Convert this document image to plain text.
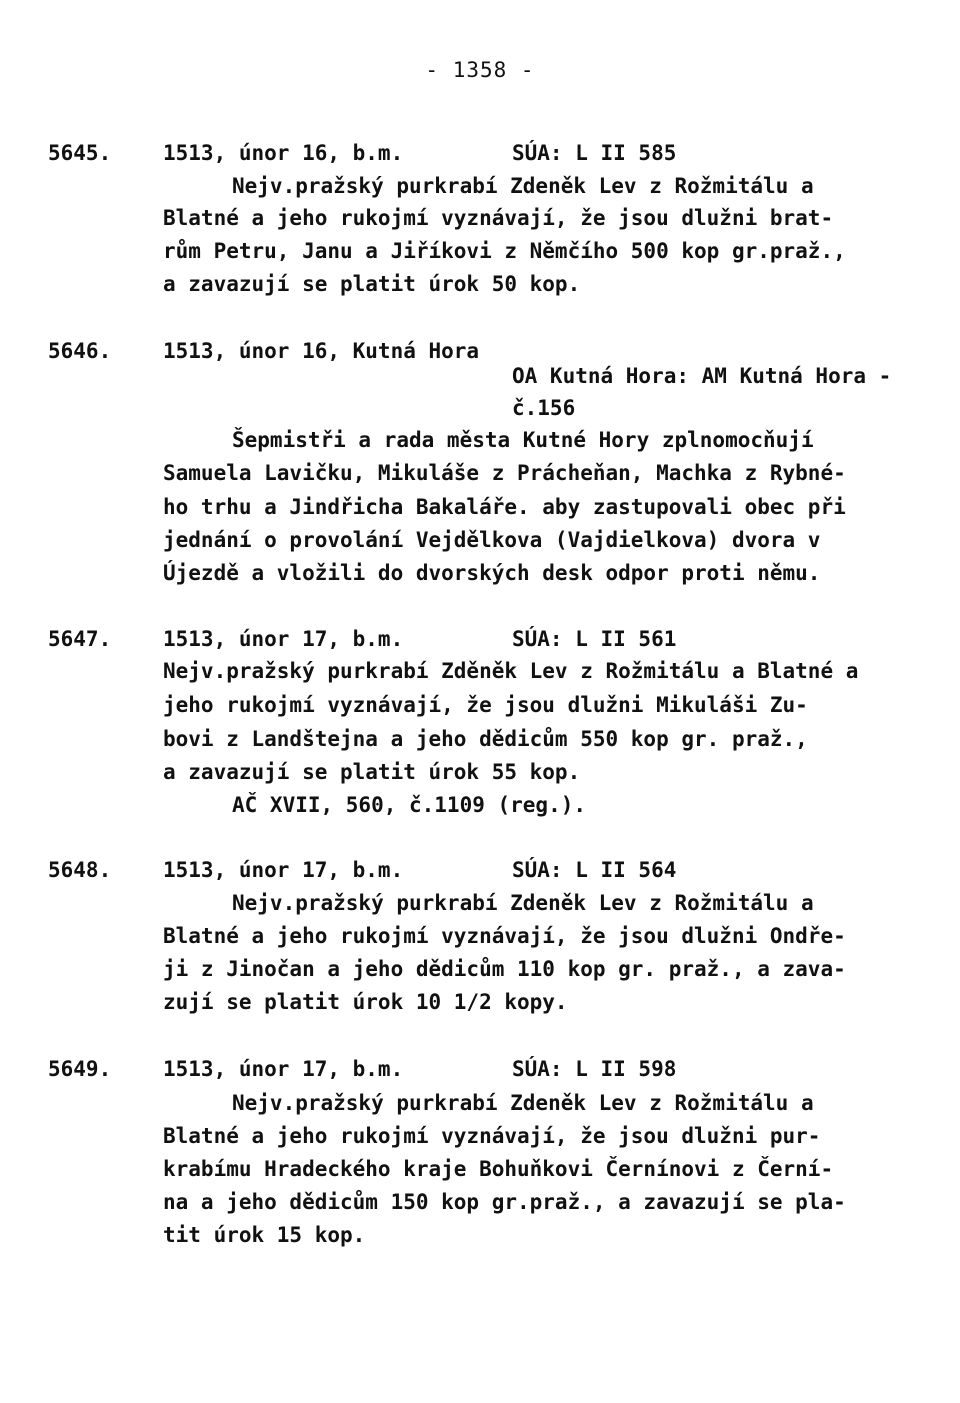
- 1358 -
5645. 1513, únor 16, b.m.	SÚA: L II 585
Nejv.pražský purkrabí Zdeněk Lev z Rožmitálu a
Blatné a jeho rukojmí vyznávají, že jsou dlužni brat-
rům Petru, Janu a Jiříkovi z Němčího 500 kop gr.praž.,
a zavazují se platit úrok 50 kop.
5646. 1513, únor 16, Kutná Hora
OA Kutná Hora: AM Kutná Hora -
č.156
Šepmistři a rada města Kutné Hory zplnomocňují
Samuela Lavičku, Mikuláše z Prácheňan, Machka z Rybné-
ho trhu a Jindřicha Bakaláře. aby zastupovali obec při
jednání o provolání Vejdělkova (Vajdielkova) dvora v
Újezdě a vložili do dvorských desk odpor proti němu.
5647. 1513, únor 17, b.m.	SÚA: L II 561
Nejv.pražský purkrabí Zděněk Lev z Rožmitálu a Blatné a
jeho rukojmí vyznávají, že jsou dlužni Mikuláši Zu-
bovi z Landštejna a jeho dědicům 550 kop gr. praž.,
a zavazují se platit úrok 55 kop.
AČ XVII, 560, č.1109 (reg.).
5648. 1513, únor 17, b.m.	SÚA: L II 564
Nejv.pražský purkrabí Zdeněk Lev z Rožmitálu a
Blatné a jeho rukojmí vyznávají, že jsou dlužni Ondře-
ji z Jinočan a jeho dědicům 110 kop gr. praž., a zava-
zují se platit úrok 10 1/2 kopy.
5649. 1513, únor 17, b.m.	SÚA: L II 598
Nejv.pražský purkrabí Zdeněk Lev z Rožmitálu a
Blatné a jeho rukojmí vyznávají, že jsou dlužni pur-
krabímu Hradeckého kraje Bohuňkovi Černínovi z Černí-
na a jeho dědicům 150 kop gr.praž., a zavazují se pla-
tit úrok 15 kop.
